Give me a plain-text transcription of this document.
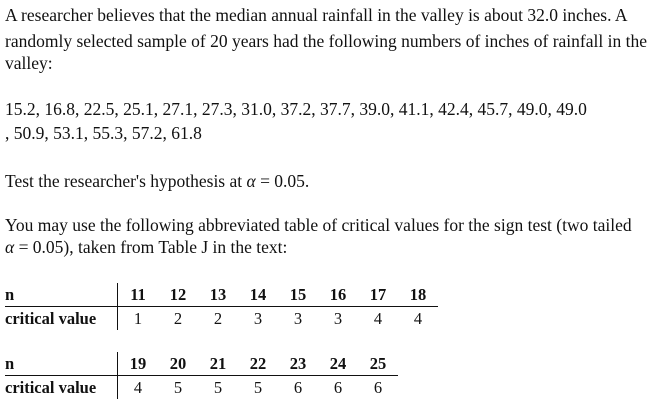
A researcher believes that the median annual rainfall in the valley is about 32.0 inches. A
randomly selected sample of 20 years had the following numbers of inches of rainfall in the
valley:
15.2, 16.8, 22.5, 25.1, 27.1, 27.3, 31.0, 37.2, 37.7, 39.0, 41.1, 42.4, 45.7, 49.0, 49.0
, 50.9, 53.1, 55.3, 57.2, 61.8
Test the researcher's hypothesis at α = 0.05.
You may use the following abbreviated table of critical values for the sign test (two tailed
α = 0.05), taken from Table J in the text:
n	11	12	13	14	15	16	17	18
critical value	1	2	2	3	3	3	4	4
n	19	20	21	22	23	24	25
critical value	4	5	5	5	6	6	6
